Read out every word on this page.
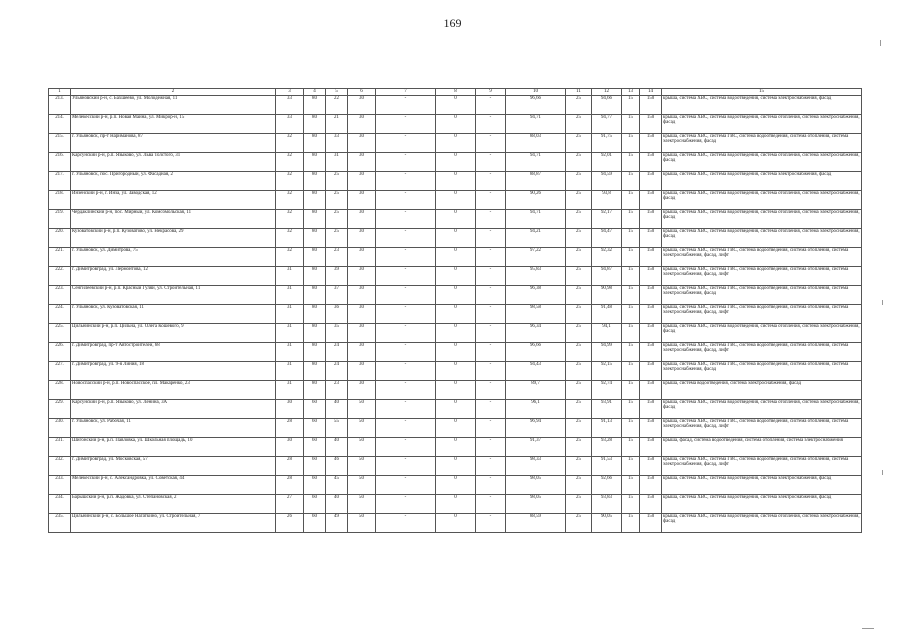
169
1	2	3	4	5	6	7	8	9	10	11	12	13	14	15
213.	Ульяновский р-н, с. Бахшеево, ул. Молодёжная, 11	33	80	22	30	-	0	-	96,66	25	94,66	15	150	крыша, система ХВС, система водоотведения, система электроснабжения, фасад
214.	Мелекесский р-н, р.п. Новая Майна, ул. Микрор-н, 15	33	80	21	30	-	0	-	94,71	25	94,77	15	150	крыша, система ХВС, система водоотведения, система отопления, система электроснабжения, фасад
215.	г. Ульяновск, пр-т Нариманова, 87	32	80	33	30	-	0	-	88,03	25	91,75	15	150	крыша, система ХВС, система ГВС, система водоотведения, система отопления, система электроснабжения, фасад
216.	Карсунский р-н, р.п. Языково, ул. Льва Толстого, 31	32	80	31	30	-	0	-	94,71	25	92,01	15	150	крыша, система ХВС, система водоотведения, система отопления, система электроснабжения, фасад
217.	г. Ульяновск, пос. Пригородный, ул. Фасадная, 2	32	80	25	30	-	0	-	88,87	25	94,59	15	150	крыша, система ХВС, система водоотведения, система электроснабжения, фасад
218.	Инзенский р-н, г. Инза, ул. Заводская, 12	32	80	25	30	-	0	-	90,26	25	93,8	15	150	крыша, система ХВС, система водоотведения, система отопления, система электроснабжения, фасад
219.	Чердаклинский р-н, пос. Мирный, ул. Комсомольская, 11	32	80	25	30	-	0	-	94,71	25	92,17	15	150	крыша, система ХВС, система водоотведения, система отопления, система электроснабжения, фасад
220.	Кузоватовский р-н, р.п. Кузоватово, ул. Некрасова, 29	32	80	25	30	-	0	-	94,21	25	94,47	15	150	крыша, система ХВС, система водоотведения, система отопления, система электроснабжения, фасад
221.	г. Ульяновск, ул. Димитрова, 75	32	80	23	30	-	0	-	97,22	25	92,32	15	150	крыша, система ХВС, система ГВС, система водоотведения, система отопления, система электроснабжения, фасад, лифт
222.	г. Димитровград, ул. Лермонтова, 12	31	80	39	30	-	0	-	95,83	25	94,87	15	150	крыша, система ХВС, система ГВС, система водоотведения, система отопления, система электроснабжения, фасад, лифт
223.	Сенгилеевский р-н, р.п. Красный Гуляй, ул. Строительная, 11	31	80	37	30	-	0	-	96,38	25	90,98	15	150	крыша, система ХВС, система ГВС, система водоотведения, система отопления, система электроснабжения, фасад
224.	г. Ульяновск, ул. Кузоватовская, 11	31	80	36	30	-	0	-	98,58	25	91,48	15	150	крыша, система ХВС, система ГВС, система водоотведения, система отопления, система электроснабжения, фасад, лифт
225.	Цильнинский р-н, р.п. Цильна, ул. Олега Кошевого, 9	31	80	35	30	-	0	-	96,34	25	94,1	15	150	крыша, система ХВС, система водоотведения, система отопления, система электроснабжения, фасад
226.	г. Димитровград, пр-т Автостроителей, 68	31	80	24	30	-	0	-	96,66	25	94,99	15	150	крыша, система ХВС, система ГВС, система водоотведения, система отопления, система электроснабжения, фасад, лифт
227.	г. Димитровград, ул. 9-я Линия, 18	31	80	24	30	-	0	-	94,43	25	92,15	15	150	крыша, система ХВС, система ГВС, система водоотведения, система отопления, система электроснабжения, фасад
228.	Новоспасский р-н, р.п. Новоспасское, пл. Макаренко, 23	31	80	23	30	-	0	-	89,7	25	92,74	15	150	крыша, система водоотведения, система электроснабжения, фасад
229.	Карсунский р-н, р.п. Языково, ул. Ленина, 3А	30	60	40	50	-	0	-	96,1	25	93,91	15	150	крыша, система ХВС, система водоотведения, система отопления, система электроснабжения, фасад
230.	г. Ульяновск, ул. Рабочая, 11	28	60	55	50	-	0	-	96,94	25	91,13	15	150	крыша, система ХВС, система ГВС, система водоотведения, система отопления, система электроснабжения, фасад, лифт
231.	Шигонский р-н, р.п. Павловка, ул. Школьная площадь, 10	30	60	40	50	-	0	-	91,37	25	93,28	15	150	крыша, фасад, система водоотведения, система отопления, система электроснабжения
232.	г. Димитровград, ул. Московская, 57	28	60	46	50	-	0	-	98,33	25	91,53	15	150	крыша, система ХВС, система ГВС, система водоотведения, система отопления, система электроснабжения, фасад, лифт
233.	Мелекесский р-н, с. Александровка, ул. Советская, 44	28	60	45	50	-	0	-	98,05	25	92,66	15	150	крыша, система ХВС, система водоотведения, система электроснабжения, фасад
234.	Барышский р-н, р.п. Жадовка, ул. Степановская, 2	27	60	40	50	-	0	-	98,05	25	93,83	15	150	крыша, система ХВС, система водоотведения, система электроснабжения, фасад
235.	Цильнинский р-н, с. Большое Нагаткино, ул. Строительная, 7	26	60	49	50	-	0	-	88,59	25	90,05	15	150	крыша, система ХВС, система водоотведения, система отопления, система электроснабжения, фасад
